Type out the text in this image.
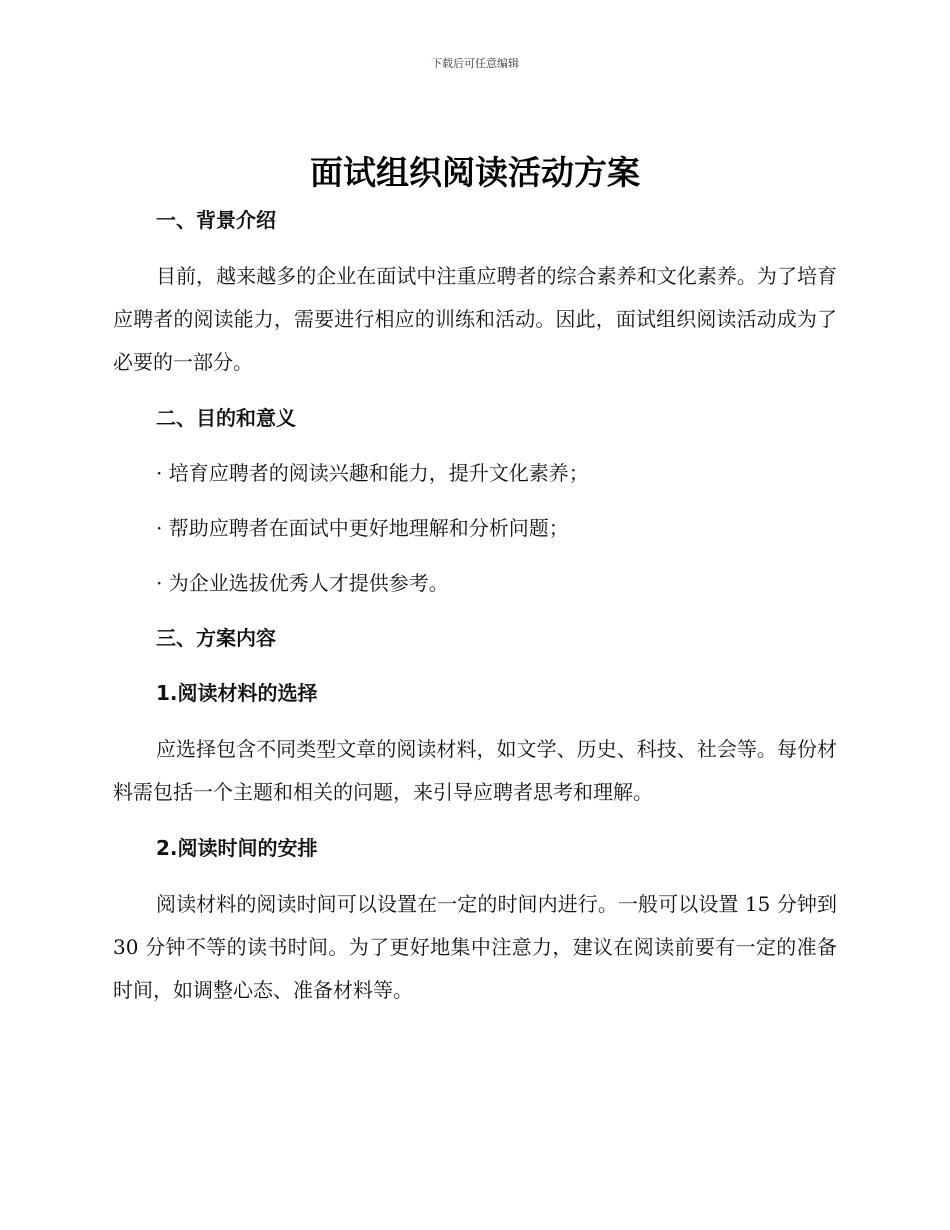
下载后可任意编辑
面试组织阅读活动方案
一、背景介绍
目前，越来越多的企业在面试中注重应聘者的综合素养和文化素养。为了培育应聘者的阅读能力，需要进行相应的训练和活动。因此，面试组织阅读活动成为了必要的一部分。
二、目的和意义
· 培育应聘者的阅读兴趣和能力，提升文化素养；
· 帮助应聘者在面试中更好地理解和分析问题；
· 为企业选拔优秀人才提供参考。
三、方案内容
1.阅读材料的选择
应选择包含不同类型文章的阅读材料，如文学、历史、科技、社会等。每份材料需包括一个主题和相关的问题，来引导应聘者思考和理解。
2.阅读时间的安排
阅读材料的阅读时间可以设置在一定的时间内进行。一般可以设置 15 分钟到 30 分钟不等的读书时间。为了更好地集中注意力，建议在阅读前要有一定的准备时间，如调整心态、准备材料等。
